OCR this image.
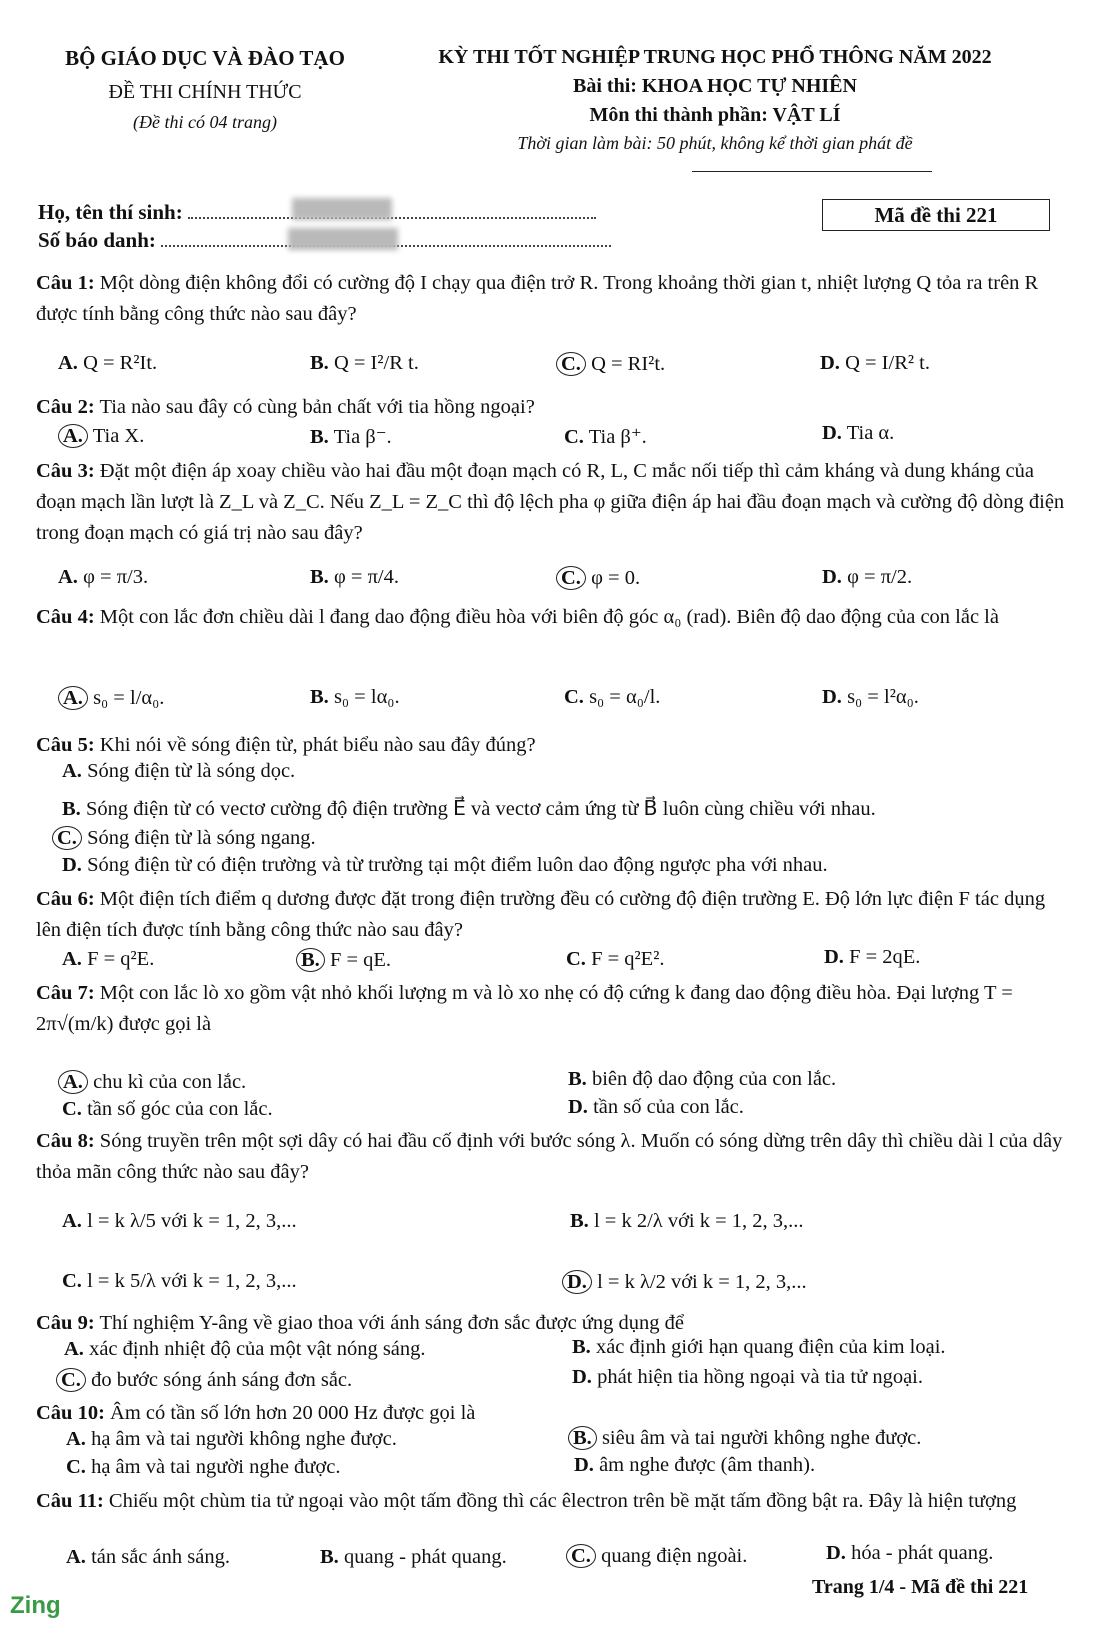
BỘ GIÁO DỤC VÀ ĐÀO TẠO
ĐỀ THI CHÍNH THỨC
(Đề thi có 04 trang)
KỲ THI TỐT NGHIỆP TRUNG HỌC PHỔ THÔNG NĂM 2022
Bài thi: KHOA HỌC TỰ NHIÊN
Môn thi thành phần: VẬT LÍ
Thời gian làm bài: 50 phút, không kể thời gian phát đề
Họ, tên thí sinh:
Số báo danh:
Mã đề thi 221
Câu 1: Một dòng điện không đổi có cường độ I chạy qua điện trở R. Trong khoảng thời gian t, nhiệt lượng Q tỏa ra trên R được tính bằng công thức nào sau đây?
A. Q = R²It.	B. Q = I²/R t.	C. Q = RI²t.	D. Q = I/R² t.
Câu 2: Tia nào sau đây có cùng bản chất với tia hồng ngoại?
A. Tia X.	B. Tia β⁻.	C. Tia β⁺.	D. Tia α.
Câu 3: Đặt một điện áp xoay chiều vào hai đầu một đoạn mạch có R, L, C mắc nối tiếp thì cảm kháng và dung kháng của đoạn mạch lần lượt là Z_L và Z_C. Nếu Z_L = Z_C thì độ lệch pha φ giữa điện áp hai đầu đoạn mạch và cường độ dòng điện trong đoạn mạch có giá trị nào sau đây?
A. φ = π/3.	B. φ = π/4.	C. φ = 0.	D. φ = π/2.
Câu 4: Một con lắc đơn chiều dài l đang dao động điều hòa với biên độ góc α₀ (rad). Biên độ dao động của con lắc là
A. s₀ = l/α₀.	B. s₀ = lα₀.	C. s₀ = α₀/l.	D. s₀ = l²α₀.
Câu 5: Khi nói về sóng điện từ, phát biểu nào sau đây đúng?
A. Sóng điện từ là sóng dọc.
B. Sóng điện từ có vectơ cường độ điện trường E⃗ và vectơ cảm ứng từ B⃗ luôn cùng chiều với nhau.
C. Sóng điện từ là sóng ngang.
D. Sóng điện từ có điện trường và từ trường tại một điểm luôn dao động ngược pha với nhau.
Câu 6: Một điện tích điểm q dương được đặt trong điện trường đều có cường độ điện trường E. Độ lớn lực điện F tác dụng lên điện tích được tính bằng công thức nào sau đây?
A. F = q²E.	B. F = qE.	C. F = q²E².	D. F = 2qE.
Câu 7: Một con lắc lò xo gồm vật nhỏ khối lượng m và lò xo nhẹ có độ cứng k đang dao động điều hòa. Đại lượng T = 2π√(m/k) được gọi là
A. chu kì của con lắc.	B. biên độ dao động của con lắc.
C. tần số góc của con lắc.	D. tần số của con lắc.
Câu 8: Sóng truyền trên một sợi dây có hai đầu cố định với bước sóng λ. Muốn có sóng dừng trên dây thì chiều dài l của dây thỏa mãn công thức nào sau đây?
A. l = k λ/5 với k = 1, 2, 3,...	B. l = k 2/λ với k = 1, 2, 3,...
C. l = k 5/λ với k = 1, 2, 3,...	D. l = k λ/2 với k = 1, 2, 3,...
Câu 9: Thí nghiệm Y-âng về giao thoa với ánh sáng đơn sắc được ứng dụng để
A. xác định nhiệt độ của một vật nóng sáng.	B. xác định giới hạn quang điện của kim loại.
C. đo bước sóng ánh sáng đơn sắc.	D. phát hiện tia hồng ngoại và tia tử ngoại.
Câu 10: Âm có tần số lớn hơn 20 000 Hz được gọi là
A. hạ âm và tai người không nghe được.	B. siêu âm và tai người không nghe được.
C. hạ âm và tai người nghe được.	D. âm nghe được (âm thanh).
Câu 11: Chiếu một chùm tia tử ngoại vào một tấm đồng thì các êlectron trên bề mặt tấm đồng bật ra. Đây là hiện tượng
A. tán sắc ánh sáng.	B. quang - phát quang.	C. quang điện ngoài.	D. hóa - phát quang.
Trang 1/4 - Mã đề thi 221
Zing
